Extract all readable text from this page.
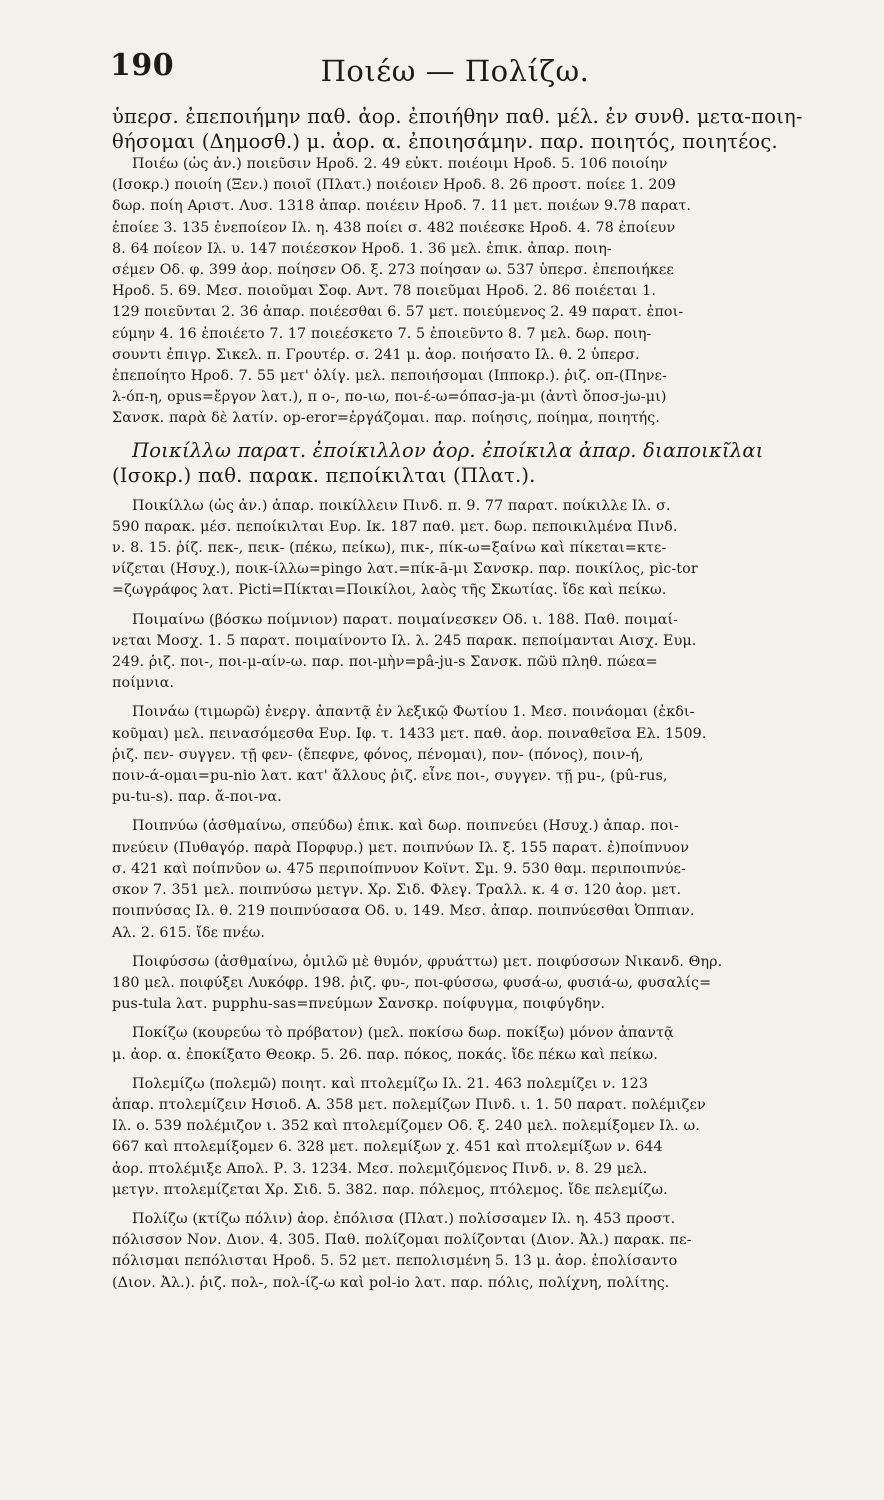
190	Ποιέω — Πολίζω.
ὑπερσ. ἐπεποιήμην παθ. ἀορ. ἐποιήθην παθ. μέλ. ἐν συνθ. μετα-ποιη-
θήσομαι (Δημοσθ.) μ. ἀορ. α. ἐποιησάμην. παρ. ποιητός, ποιητέος.
Ποιέω (ὡς ἀν.) ποιεῦσιν Ηροδ. 2. 49 εὐκτ. ποιέοιμι Ηροδ. 5. 106 ποιοίην
(Ισοκρ.) ποιοίη (Ξεν.) ποιοῖ (Πλατ.) ποιέοιεν Ηροδ. 8. 26 προστ. ποίεε 1. 209
δωρ. ποίη Αριστ. Λυσ. 1318 ἀπαρ. ποιέειν Ηροδ. 7. 11 μετ. ποιέων 9.78 παρατ.
ἐποίεε 3. 135 ἐνεποίεον Ιλ. η. 438 ποίει σ. 482 ποιέεσκε Ηροδ. 4. 78 ἐποίευν
8. 64 ποίεον Ιλ. υ. 147 ποιέεσκον Ηροδ. 1. 36 μελ. ἐπικ. ἀπαρ. ποιη-
σέμεν Οδ. φ. 399 ἀορ. ποίησεν Οδ. ξ. 273 ποίησαν ω. 537 ὑπερσ. ἐπεποιήκεε
Ηροδ. 5. 69. Μεσ. ποιοῦμαι Σοφ. Αντ. 78 ποιεῦμαι Ηροδ. 2. 86 ποιέεται 1.
129 ποιεῦνται 2. 36 ἀπαρ. ποιέεσθαι 6. 57 μετ. ποιεύμενος 2. 49 παρατ. ἐποι-
εύμην 4. 16 ἐποιέετο 7. 17 ποιεέσκετο 7. 5 ἐποιεῦντο 8. 7 μελ. δωρ. ποιη-
σουντι ἐπιγρ. Σικελ. π. Γρουτέρ. σ. 241 μ. ἀορ. ποιήσατο Ιλ. θ. 2 ὑπερσ.
ἐπεποίητο Ηροδ. 7. 55 μετ' ὀλίγ. μελ. πεποιήσομαι (Ιπποκρ.). ῥιζ. οπ-(Πηνε-
λ-όπ-η, opus=ἔργον λατ.), π ο-, πο-ιω, ποι-έ-ω=όπασ-ja-μι (ἀντὶ ὄποσ-jω-μι)
Σανσκ. παρὰ δὲ λατίν. op-eror=ἐργάζομαι. παρ. ποίησις, ποίημα, ποιητής.
Ποικίλλω παρατ. ἐποίκιλλον ἀορ. ἐποίκιλα ἀπαρ. διαποικῖλαι
(Ισοκρ.) παθ. παρακ. πεποίκιλται (Πλατ.).
Ποικίλλω (ὡς ἀν.) ἀπαρ. ποικίλλειν Πινδ. π. 9. 77 παρατ. ποίκιλλε Ιλ. σ.
590 παρακ. μέσ. πεποίκιλται Ευρ. Ικ. 187 παθ. μετ. δωρ. πεποικιλμένα Πινδ.
ν. 8. 15. ῥίζ. πεκ-, πεικ- (πέκω, πείκω), πικ-, πίκ-ω=ξαίνω καὶ πίκεται=κτε-
νίζεται (Ησυχ.), ποικ-ίλλω=pingo λατ.=πίκ-ā-μι Σανσκρ. παρ. ποικίλος, pic-tor
=ζωγράφος λατ. Picti=Πίκται=Ποικίλοι, λαὸς τῆς Σκωτίας. ἴδε καὶ πείκω.
Ποιμαίνω (βόσκω ποίμνιον) παρατ. ποιμαίνεσκεν Οδ. ι. 188. Παθ. ποιμαί-
νεται Μοσχ. 1. 5 παρατ. ποιμαίνοντο Ιλ. λ. 245 παρακ. πεποίμανται Αισχ. Ευμ.
249. ῥιζ. ποι-, ποι-μ-αίν-ω. παρ. ποι-μὴν=pâ-ju-s Σανσκ. πῶϋ πληθ. πώεα=
ποίμνια.
Ποινάω (τιμωρῶ) ἐνεργ. ἀπαντᾷ ἐν λεξικῷ Φωτίου 1. Μεσ. ποινάομαι (ἐκδι-
κοῦμαι) μελ. πεινασόμεσθα Ευρ. Ιφ. τ. 1433 μετ. παθ. ἀορ. ποιναθεῖσα Ελ. 1509.
ῥιζ. πεν- συγγεν. τῇ φεν- (ἔπεφνε, φόνος, πένομαι), πον- (πόνος), ποιν-ή,
ποιν-ά-ομαι=pu-nio λατ. κατ' ἄλλους ῥιζ. εἶνε ποι-, συγγεν. τῇ pu-, (pû-rus,
pu-tu-s). παρ. ἄ-ποι-να.
Ποιπνύω (ἀσθμαίνω, σπεύδω) ἐπικ. καὶ δωρ. ποιπνεύει (Ησυχ.) ἀπαρ. ποι-
πνεύειν (Πυθαγόρ. παρὰ Πορφυρ.) μετ. ποιπνύων Ιλ. ξ. 155 παρατ. ἐ)ποίπνυον
σ. 421 καὶ ποίπνῦον ω. 475 περιποίπνυον Κοϊντ. Σμ. 9. 530 θαμ. περιποιπνύε-
σκον 7. 351 μελ. ποιπνύσω μετγν. Χρ. Σιδ. Φλεγ. Τραλλ. κ. 4 σ. 120 ἀορ. μετ.
ποιπνύσας Ιλ. θ. 219 ποιπνύσασα Οδ. υ. 149. Μεσ. ἀπαρ. ποιπνύεσθαι Ὀππιαν.
Αλ. 2. 615. ἴδε πνέω.
Ποιφύσσω (ἀσθμαίνω, ὁμιλῶ μὲ θυμόν, φρυάττω) μετ. ποιφύσσων Νικανδ. Θηρ.
180 μελ. ποιφύξει Λυκόφρ. 198. ῥιζ. φυ-, ποι-φύσσω, φυσά-ω, φυσιά-ω, φυσαλίς=
pus-tula λατ. pupphu-sas=πνεύμων Σανσκρ. ποίφυγμα, ποιφύγδην.
Ποκίζω (κουρεύω τὸ πρόβατον) (μελ. ποκίσω δωρ. ποκίξω) μόνον ἀπαντᾷ
μ. ἀορ. α. ἐποκίξατο Θεοκρ. 5. 26. παρ. πόκος, ποκάς. ἴδε πέκω καὶ πείκω.
Πολεμίζω (πολεμῶ) ποιητ. καὶ πτολεμίζω Ιλ. 21. 463 πολεμίζει ν. 123
ἀπαρ. πτολεμίζειν Ησιοδ. Α. 358 μετ. πολεμίζων Πινδ. ι. 1. 50 παρατ. πολέμιζεν
Ιλ. ο. 539 πολέμιζον ι. 352 καὶ πτολεμίζομεν Οδ. ξ. 240 μελ. πολεμίξομεν Ιλ. ω.
667 καὶ πτολεμίξομεν 6. 328 μετ. πολεμίξων χ. 451 καὶ πτολεμίξων ν. 644
ἀορ. πτολέμιξε Απολ. Ρ. 3. 1234. Μεσ. πολεμιζόμενος Πινδ. ν. 8. 29 μελ.
μετγν. πτολεμίζεται Χρ. Σιδ. 5. 382. παρ. πόλεμος, πτόλεμος. ἴδε πελεμίζω.
Πολίζω (κτίζω πόλιν) ἀορ. ἐπόλισα (Πλατ.) πολίσσαμεν Ιλ. η. 453 προστ.
πόλισσον Νον. Διον. 4. 305. Παθ. πολίζομαι πολίζονται (Διον. Ἀλ.) παρακ. πε-
πόλισμαι πεπόλισται Ηροδ. 5. 52 μετ. πεπολισμένη 5. 13 μ. ἀορ. ἐπολίσαντο
(Διον. Ἀλ.). ῥιζ. πολ-, πολ-ίζ-ω καὶ pol-io λατ. παρ. πόλις, πολίχνη, πολίτης.
